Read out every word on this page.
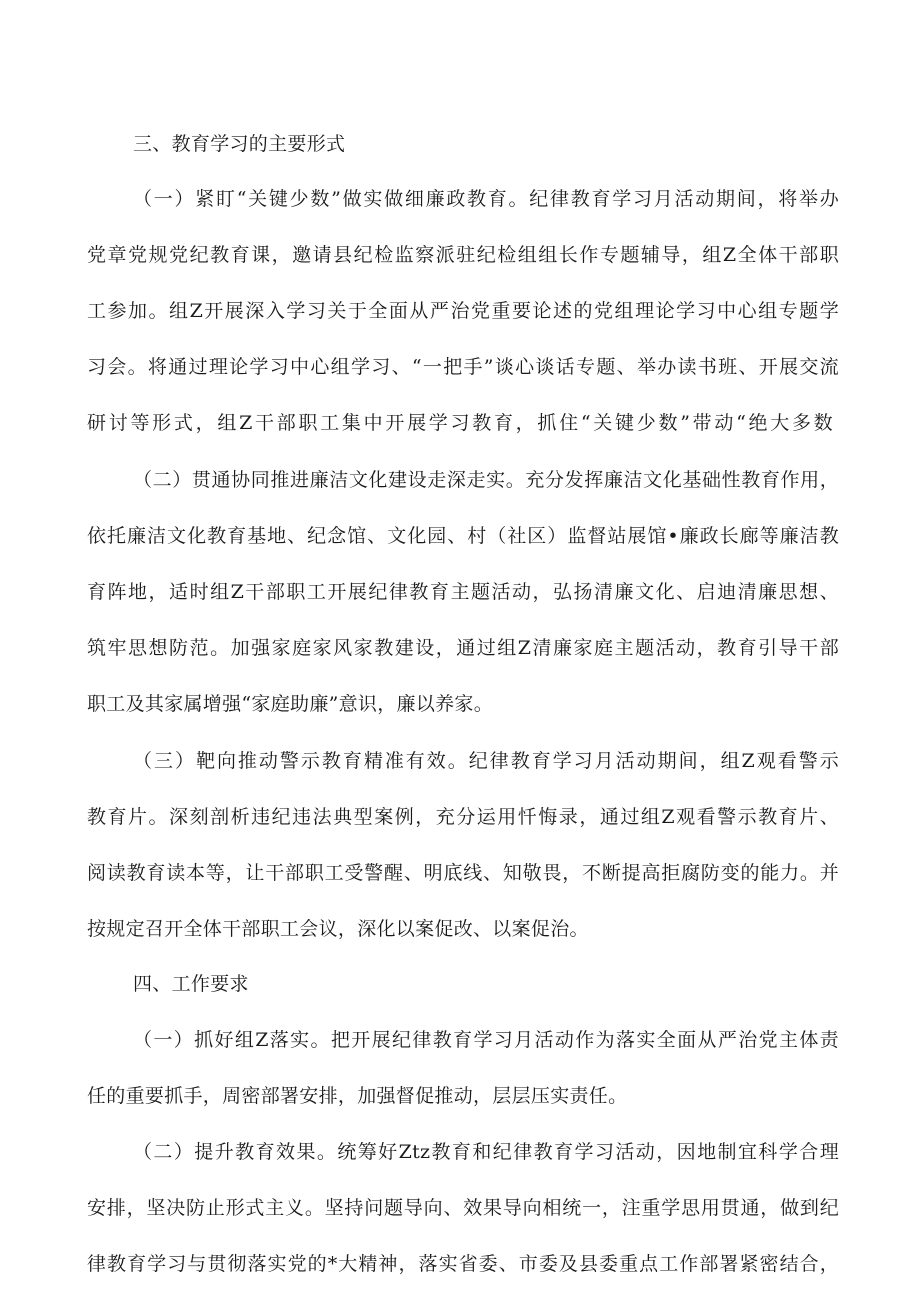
三、教育学习的主要形式
（一）紧盯“关键少数”做实做细廉政教育。纪律教育学习月活动期间，将举办
党章党规党纪教育课，邀请县纪检监察派驻纪检组组长作专题辅导，组Z全体干部职
工参加。组Z开展深入学习关于全面从严治党重要论述的党组理论学习中心组专题学
习会。将通过理论学习中心组学习、“一把手”谈心谈话专题、举办读书班、开展交流
研讨等形式，组Z干部职工集中开展学习教育，抓住“关键少数”带动“绝大多数
（二）贯通协同推进廉洁文化建设走深走实。充分发挥廉洁文化基础性教育作用，
依托廉洁文化教育基地、纪念馆、文化园、村（社区）监督站展馆•廉政长廊等廉洁教
育阵地，适时组Z干部职工开展纪律教育主题活动，弘扬清廉文化、启迪清廉思想、
筑牢思想防范。加强家庭家风家教建设，通过组Z清廉家庭主题活动，教育引导干部
职工及其家属增强“家庭助廉”意识，廉以养家。
（三）靶向推动警示教育精准有效。纪律教育学习月活动期间，组Z观看警示
教育片。深刻剖析违纪违法典型案例，充分运用忏悔录，通过组Z观看警示教育片、
阅读教育读本等，让干部职工受警醒、明底线、知敬畏，不断提高拒腐防变的能力。并
按规定召开全体干部职工会议，深化以案促改、以案促治。
四、工作要求
（一）抓好组Z落实。把开展纪律教育学习月活动作为落实全面从严治党主体责
任的重要抓手，周密部署安排，加强督促推动，层层压实责任。
（二）提升教育效果。统筹好Ztz教育和纪律教育学习活动，因地制宜科学合理
安排，坚决防止形式主义。坚持问题导向、效果导向相统一，注重学思用贯通，做到纪
律教育学习与贯彻落实党的*大精神，落实省委、市委及县委重点工作部署紧密结合，
